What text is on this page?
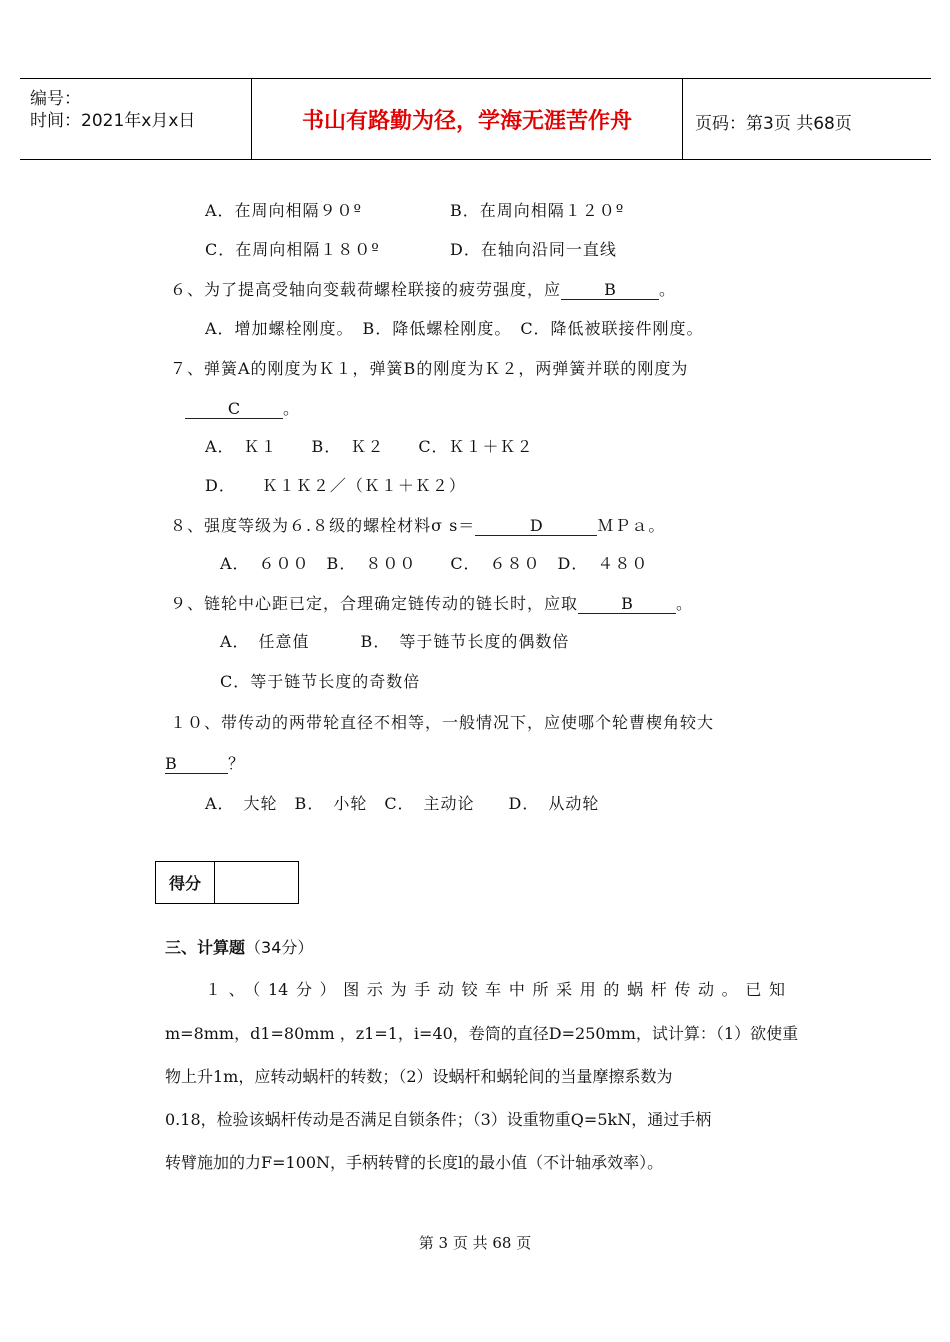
编号：
时间：2021年x月x日	书山有路勤为径，学海无涯苦作舟	页码：第3页 共68页
A．在周向相隔９０º	B．在周向相隔１２０º
C．在周向相隔１８０º	D．在轴向沿同一直线
６、为了提高受轴向变载荷螺栓联接的疲劳强度，应	B	。
A．增加螺栓刚度。　B．降低螺栓刚度。　C．降低被联接件刚度。
７、弹簧A的刚度为Ｋ１，弹簧B的刚度为Ｋ２，两弹簧并联的刚度为
C	。
A．　Ｋ１　　B．　Ｋ２　　C．Ｋ１＋Ｋ２
D．　　Ｋ１Ｋ２／（Ｋ１＋Ｋ２）
８、强度等级为６.８级的螺栓材料σ s＝	D	ＭＰａ。
A．　６００　B．　８００　　C．　６８０　D．　４８０
９、链轮中心距已定，合理确定链传动的链长时，应取	B	。
A．　任意值　　　B．　等于链节长度的偶数倍
C．等于链节长度的奇数倍
１０、带传动的两带轮直径不相等，一般情况下，应使哪个轮曹楔角较大
B	？
A．　大轮　B．　小轮　C．　主动论　　D．　从动轮
得分
三、计算题（34分）
１、（14分）图示为手动铰车中所采用的蜗杆传动。已知
m=8mm，d1=80mm ，z1=1，i=40，卷筒的直径D=250mm，试计算：（1）欲使重
物上升1m，应转动蜗杆的转数；（2）设蜗杆和蜗轮间的当量摩擦系数为
0.18，检验该蜗杆传动是否满足自锁条件；（3）设重物重Q=5kN，通过手柄
转臂施加的力F=100N，手柄转臂的长度l的最小值（不计轴承效率）。
第 3 页 共 68 页
